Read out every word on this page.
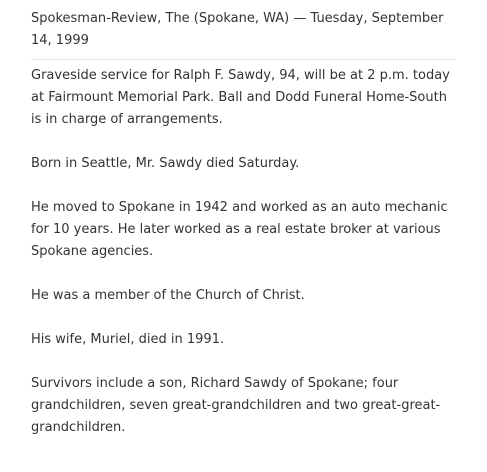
Spokesman-Review, The (Spokane, WA) — Tuesday, September 14, 1999

Graveside service for Ralph F. Sawdy, 94, will be at 2 p.m. today at Fairmount Memorial Park. Ball and Dodd Funeral Home-South is in charge of arrangements.

Born in Seattle, Mr. Sawdy died Saturday.

He moved to Spokane in 1942 and worked as an auto mechanic for 10 years. He later worked as a real estate broker at various Spokane agencies.

He was a member of the Church of Christ.

His wife, Muriel, died in 1991.

Survivors include a son, Richard Sawdy of Spokane; four grandchildren, seven great-grandchildren and two great-great-grandchildren.
